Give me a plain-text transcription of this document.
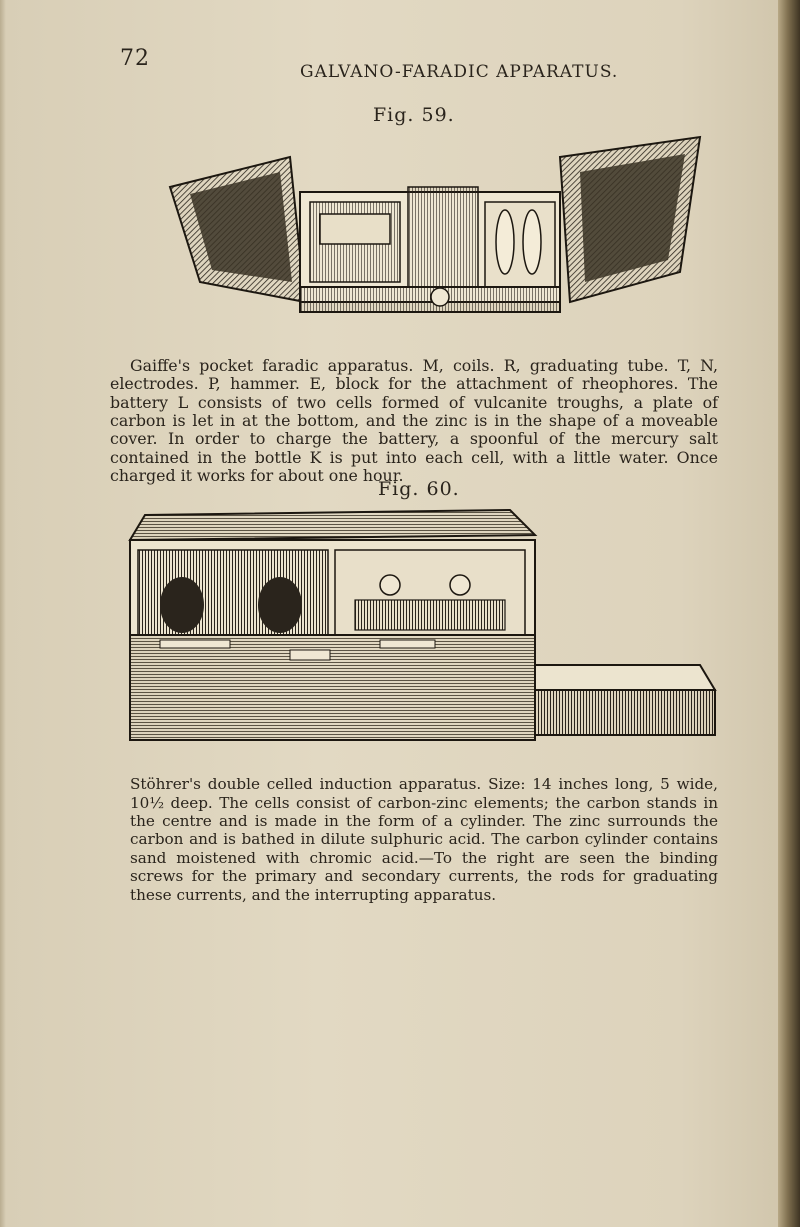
72
GALVANO-FARADIC APPARATUS.
Fig. 59.

Gaiffe's pocket faradic apparatus. M, coils. R, graduating tube. T, N, electrodes. P, hammer. E, block for the attachment of rheophores. The battery L consists of two cells formed of vulcanite troughs, a plate of carbon is let in at the bottom, and the zinc is in the shape of a moveable cover. In order to charge the battery, a spoonful of the mercury salt contained in the bottle K is put into each cell, with a little water. Once charged it works for about one hour.

Fig. 60.

Stöhrer's double celled induction apparatus. Size: 14 inches long, 5 wide, 10½ deep. The cells consist of carbon-zinc elements; the carbon stands in the centre and is made in the form of a cylinder. The zinc surrounds the carbon and is bathed in dilute sulphuric acid. The carbon cylinder contains sand moistened with chromic acid.—To the right are seen the binding screws for the primary and secondary currents, the rods for graduating these currents, and the interrupting apparatus.
